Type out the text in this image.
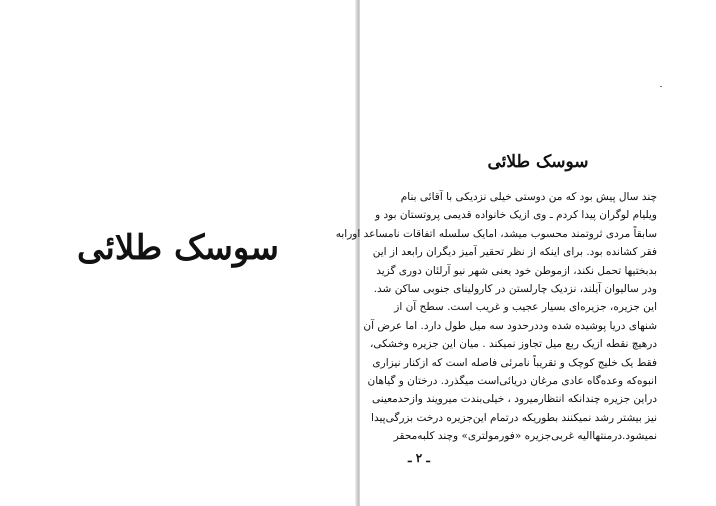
سوسک طلائی
سوسک طلائی

چند سال پیش بود که من دوستی خیلی نزدیکی با آقائی بنام

ویلیام لوگران پیدا کردم ـ وی ازیک خانواده قدیمی پروتستان بود و

سابقاً مردی ثروتمند محسوب میشد، امایک سلسله اتفاقات نامساعد اورابه

فقر کشانده بود. برای اینکه از نظر تحقیر آمیز دیگران رابعد از این

بدبختیها تحمل نکند، ازموطن خود یعنی شهر نیو آرلئان دوری گزید

ودر سالیوان آیلند، نزدیک چارلستن در کارولینای جنوبی ساکن شد.

این جزیره، جزیره‌ای بسیار عجیب و غریب است. سطح آن از

شنهای دریا پوشیده شده وددرحدود سه میل طول دارد. اما عرض آن

درهیچ نقطه ازیک ‌ربع میل تجاوز نمیکند . میان این ‌جزیره و‌خشکی،

فقط یک خلیج کوچک و تقریباً نامرئی فاصله است‌ که ازکنار نیزاری

انبوه‌که وعده‌گاه عادی مرغان دریائی‌است میگذرد. درختان و گیاهان

دراین جزیره چندانکه انتظارمیرود ، خیلی‌بندت میرویند وازحدمعینی

نیز بیشتر رشد نمیکنند بطوریکه درتمام این‌جزیره درخت بزرگی‌پیدا

نمیشود.درمنتهاالیه غربی‌جزیره «فورمولتری» وچند کلبه‌محقر

ـ ۲ ـ
